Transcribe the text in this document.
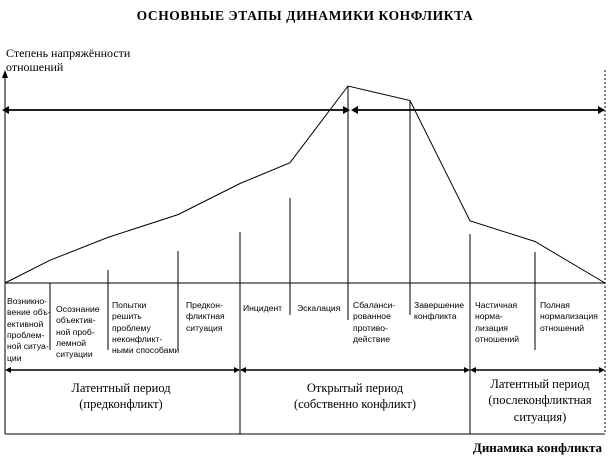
ОСНОВНЫЕ ЭТАПЫ ДИНАМИКИ КОНФЛИКТА
Степень напряжённости
отношений
Динамика конфликта
Возникно-
вение объ-
ективной
проблем-
ной ситуа-
ции
Осознание
объектив-
ной проб-
лемной
ситуации
Попытки
решить
проблему
неконфликт-
ными способами
Предкон-
фликтная
ситуация
Инцидент Эскалация Сбаланси-
рованное
противо-
действие
Завершение
конфликта
Частичная
норма-
лизация
отношений
Полная
нормализация
отношений
Латентный период
(предконфликт)
Открытый период
(собственно конфликт)
Латентный период
(послеконфликтная
ситуация)
